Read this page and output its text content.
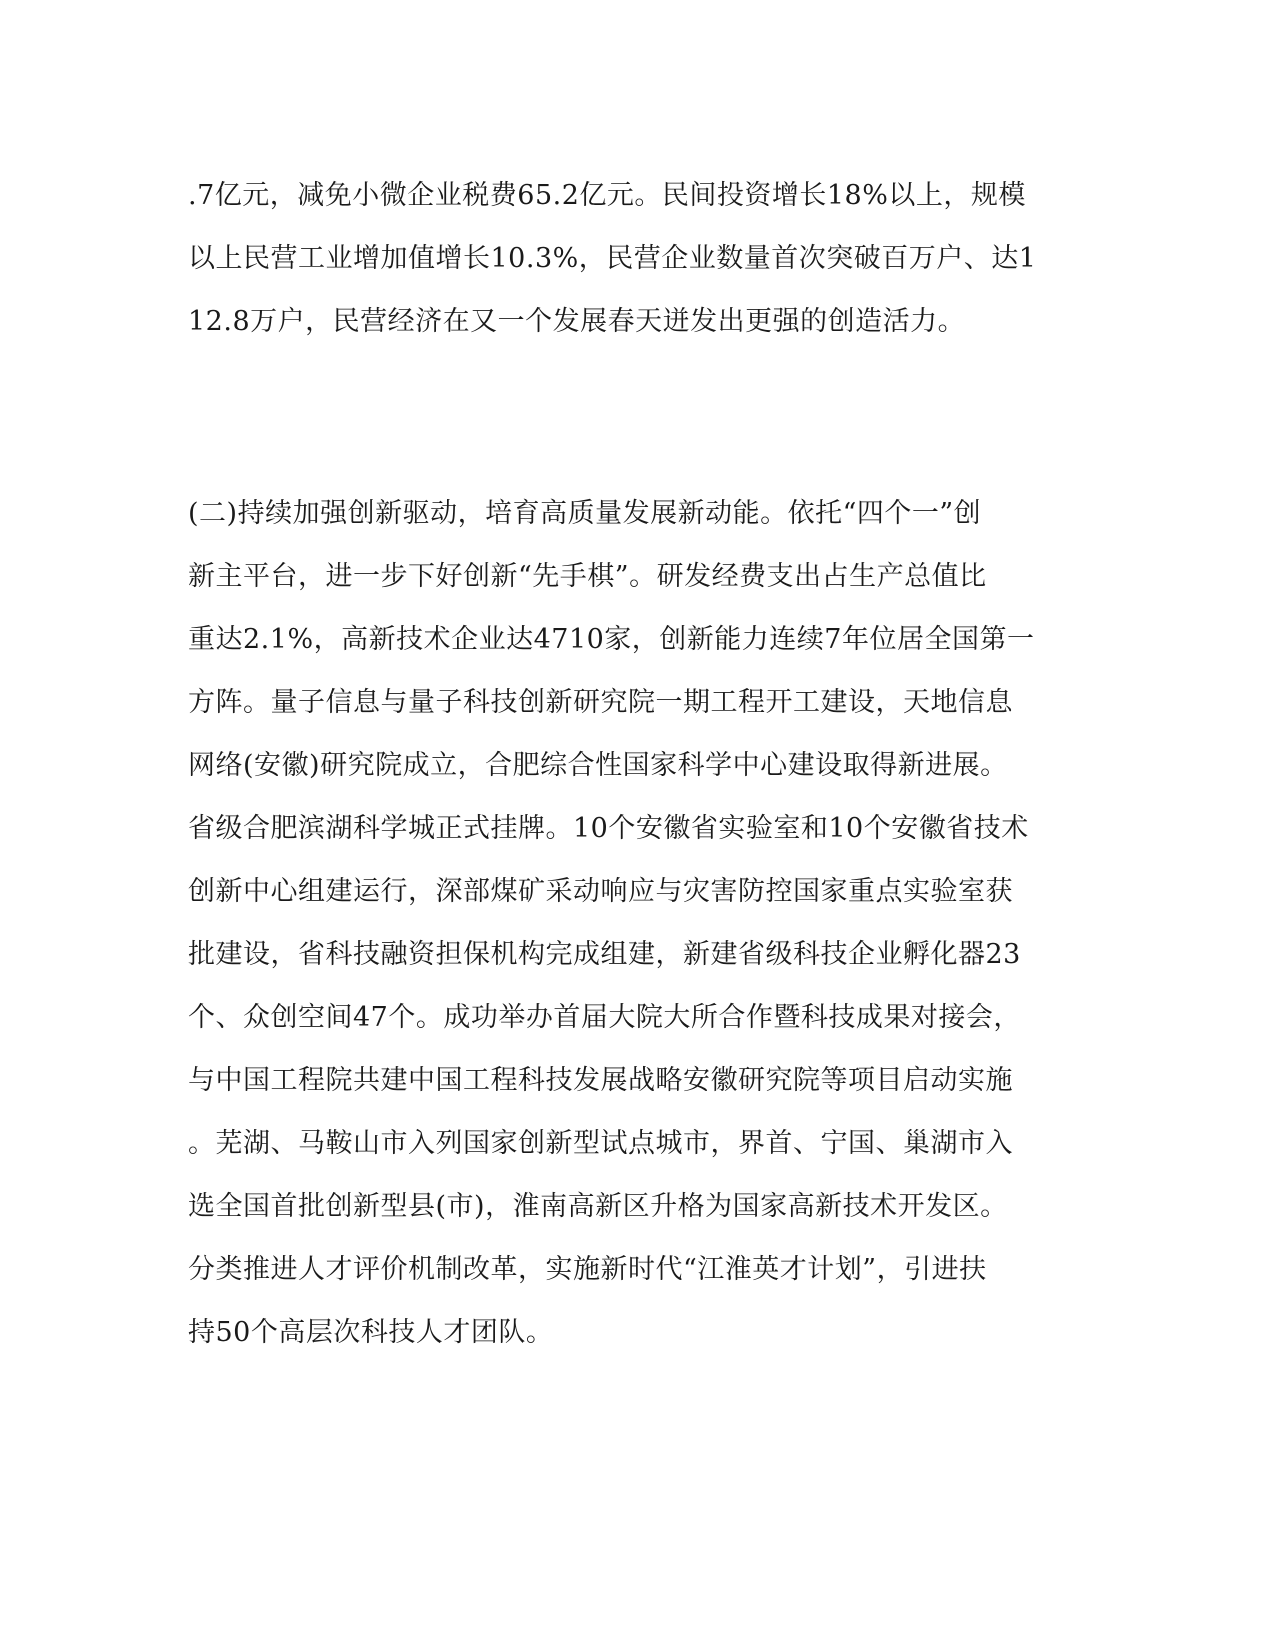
.7亿元，减免小微企业税费65.2亿元。民间投资增长18%以上，规模
以上民营工业增加值增长10.3%，民营企业数量首次突破百万户、达1
12.8万户，民营经济在又一个发展春天迸发出更强的创造活力。
(二)持续加强创新驱动，培育高质量发展新动能。依托“四个一”创
新主平台，进一步下好创新“先手棋”。研发经费支出占生产总值比
重达2.1%，高新技术企业达4710家，创新能力连续7年位居全国第一
方阵。量子信息与量子科技创新研究院一期工程开工建设，天地信息
网络(安徽)研究院成立，合肥综合性国家科学中心建设取得新进展。
省级合肥滨湖科学城正式挂牌。10个安徽省实验室和10个安徽省技术
创新中心组建运行，深部煤矿采动响应与灾害防控国家重点实验室获
批建设，省科技融资担保机构完成组建，新建省级科技企业孵化器23
个、众创空间47个。成功举办首届大院大所合作暨科技成果对接会，
与中国工程院共建中国工程科技发展战略安徽研究院等项目启动实施
。芜湖、马鞍山市入列国家创新型试点城市，界首、宁国、巢湖市入
选全国首批创新型县(市)，淮南高新区升格为国家高新技术开发区。
分类推进人才评价机制改革，实施新时代“江淮英才计划”，引进扶
持50个高层次科技人才团队。
